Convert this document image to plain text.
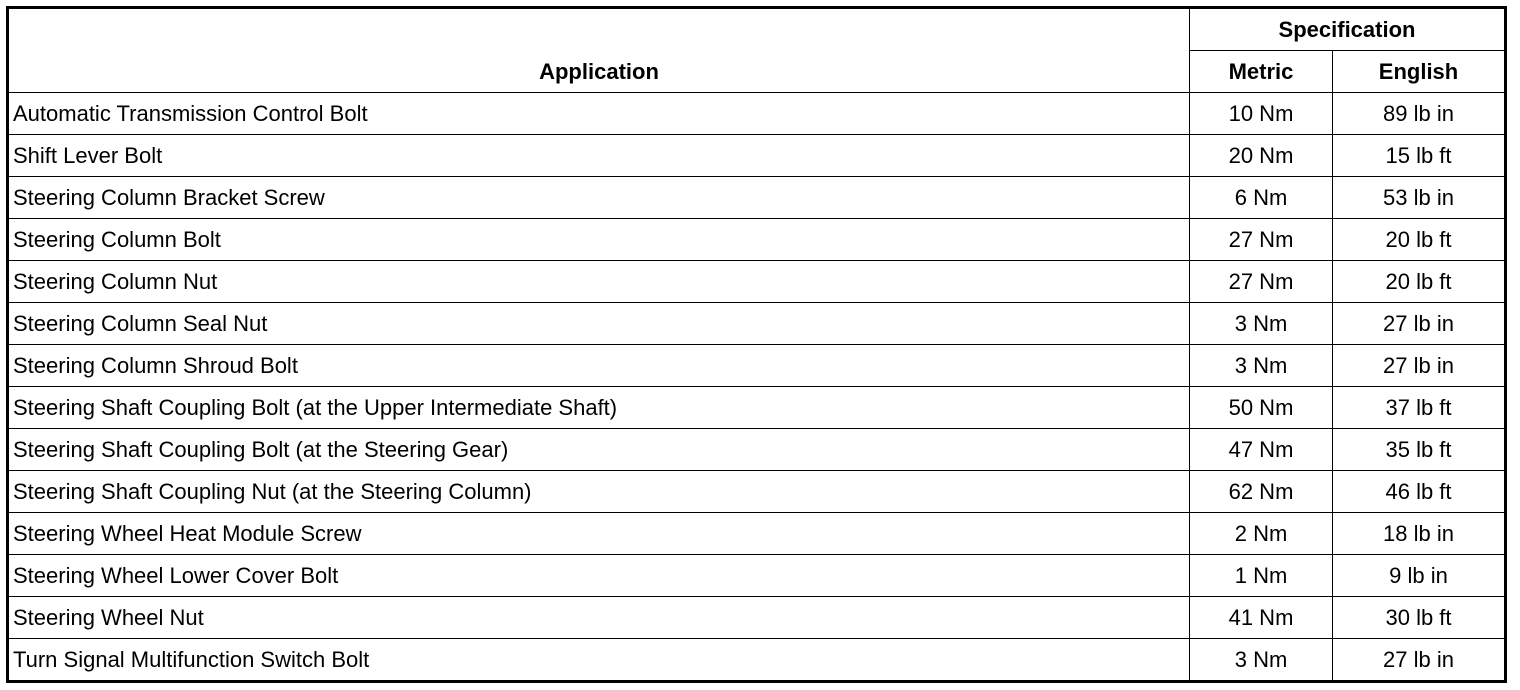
Application	Specification	
	Metric	English
Automatic Transmission Control Bolt	10 Nm	89 lb in
Shift Lever Bolt	20 Nm	15 lb ft
Steering Column Bracket Screw	6 Nm	53 lb in
Steering Column Bolt	27 Nm	20 lb ft
Steering Column Nut	27 Nm	20 lb ft
Steering Column Seal Nut	3 Nm	27 lb in
Steering Column Shroud Bolt	3 Nm	27 lb in
Steering Shaft Coupling Bolt (at the Upper Intermediate Shaft)	50 Nm	37 lb ft
Steering Shaft Coupling Bolt (at the Steering Gear)	47 Nm	35 lb ft
Steering Shaft Coupling Nut (at the Steering Column)	62 Nm	46 lb ft
Steering Wheel Heat Module Screw	2 Nm	18 lb in
Steering Wheel Lower Cover Bolt	1 Nm	9 lb in
Steering Wheel Nut	41 Nm	30 lb ft
Turn Signal Multifunction Switch Bolt	3 Nm	27 lb in
